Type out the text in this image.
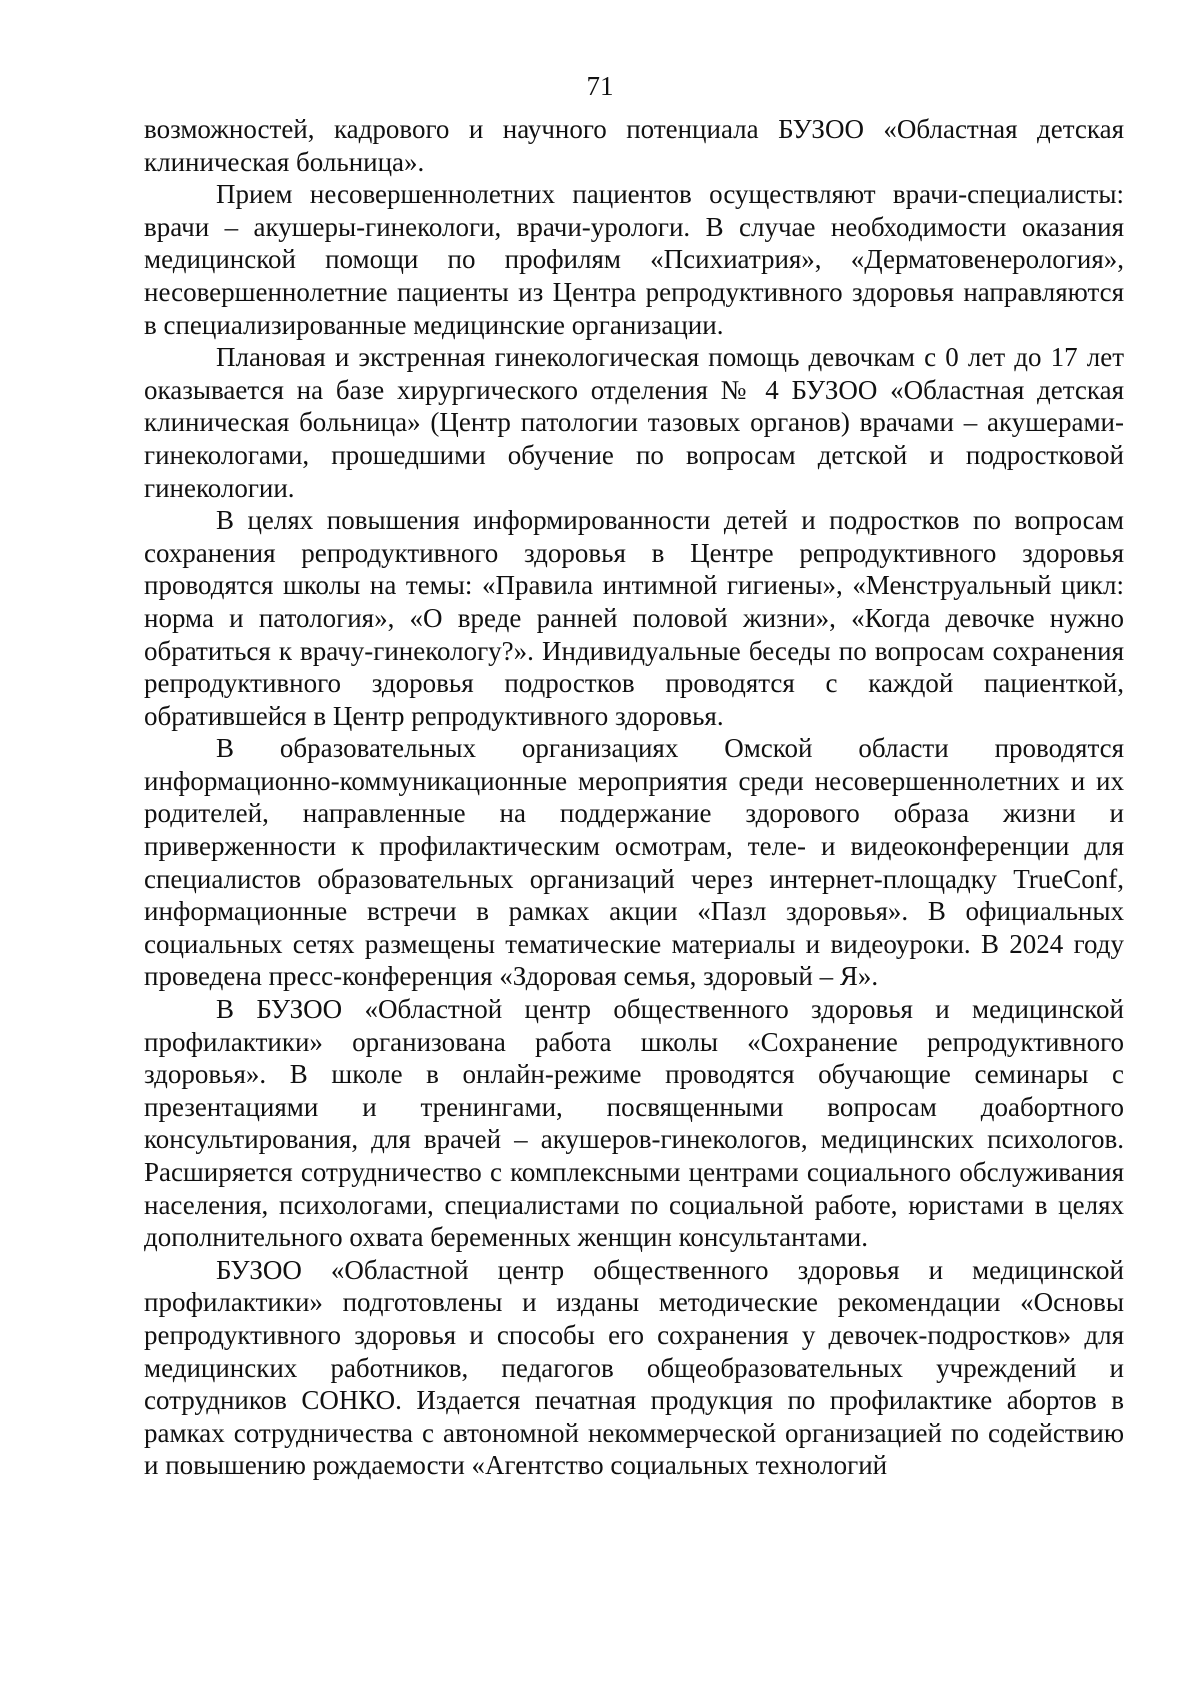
71

возможностей, кадрового и научного потенциала БУЗОО «Областная детская клиническая больница».

Прием несовершеннолетних пациентов осуществляют врачи-специалисты: врачи – акушеры-гинекологи, врачи-урологи. В случае необходимости оказания медицинской помощи по профилям «Психиатрия», «Дерматовенерология», несовершеннолетние пациенты из Центра репродуктивного здоровья направляются в специализированные медицинские организации.

Плановая и экстренная гинекологическая помощь девочкам с 0 лет до 17 лет оказывается на базе хирургического отделения № 4 БУЗОО «Областная детская клиническая больница» (Центр патологии тазовых органов) врачами – акушерами-гинекологами, прошедшими обучение по вопросам детской и подростковой гинекологии.

В целях повышения информированности детей и подростков по вопросам сохранения репродуктивного здоровья в Центре репродуктивного здоровья проводятся школы на темы: «Правила интимной гигиены», «Менструальный цикл: норма и патология», «О вреде ранней половой жизни», «Когда девочке нужно обратиться к врачу-гинекологу?». Индивидуальные беседы по вопросам сохранения репродуктивного здоровья подростков проводятся с каждой пациенткой, обратившейся в Центр репродуктивного здоровья.

В образовательных организациях Омской области проводятся информационно-коммуникационные мероприятия среди несовершеннолетних и их родителей, направленные на поддержание здорового образа жизни и приверженности к профилактическим осмотрам, теле- и видеоконференции для специалистов образовательных организаций через интернет-площадку TrueConf, информационные встречи в рамках акции «Пазл здоровья». В официальных социальных сетях размещены тематические материалы и видеоуроки. В 2024 году проведена пресс-конференция «Здоровая семья, здоровый – Я».

В БУЗОО «Областной центр общественного здоровья и медицинской профилактики» организована работа школы «Сохранение репродуктивного здоровья». В школе в онлайн-режиме проводятся обучающие семинары с презентациями и тренингами, посвященными вопросам доабортного консультирования, для врачей – акушеров-гинекологов, медицинских психологов. Расширяется сотрудничество с комплексными центрами социального обслуживания населения, психологами, специалистами по социальной работе, юристами в целях дополнительного охвата беременных женщин консультантами.

БУЗОО «Областной центр общественного здоровья и медицинской профилактики» подготовлены и изданы методические рекомендации «Основы репродуктивного здоровья и способы его сохранения у девочек-подростков» для медицинских работников, педагогов общеобразовательных учреждений и сотрудников СОНКО. Издается печатная продукция по профилактике абортов в рамках сотрудничества с автономной некоммерческой организацией по содействию и повышению рождаемости «Агентство социальных технологий
